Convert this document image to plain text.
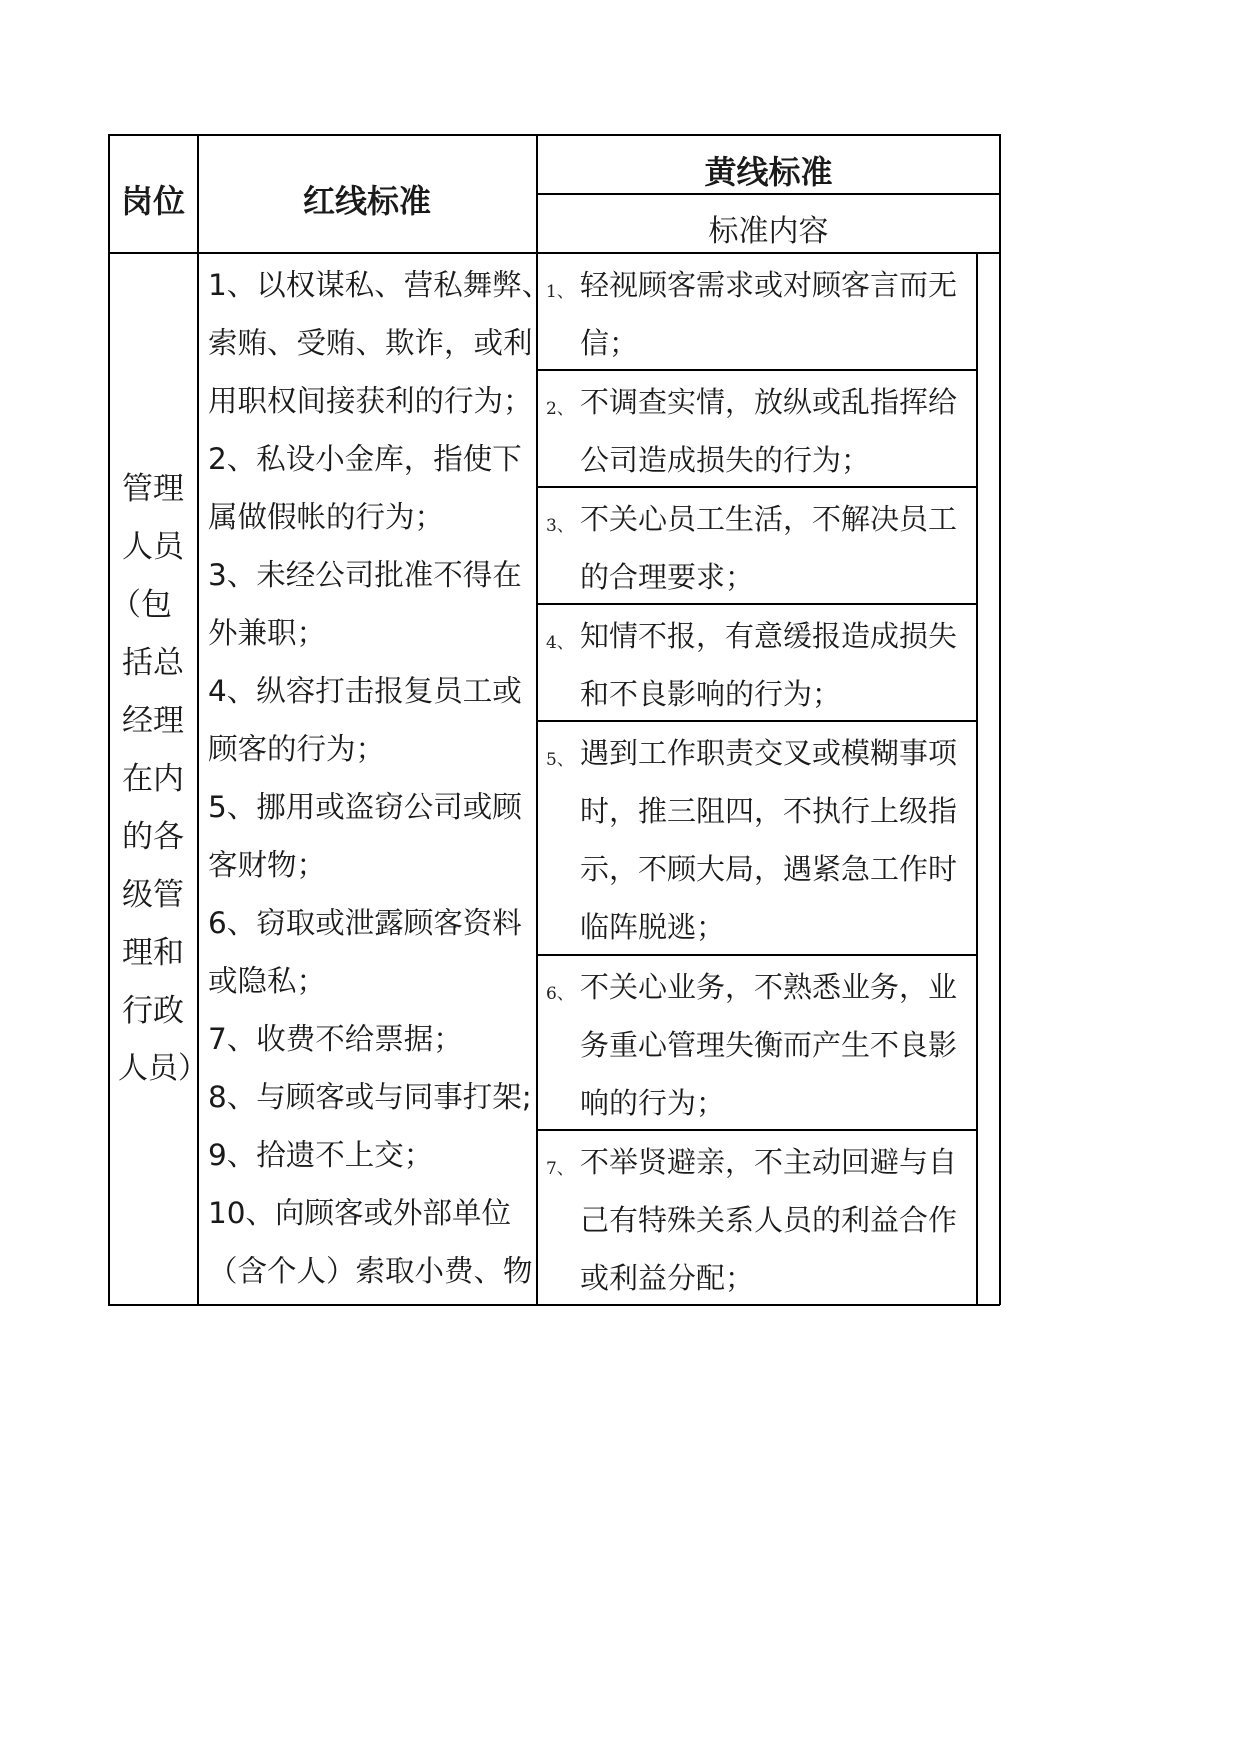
岗位	红线标准
黄线标准
标准内容
管理
人员
（包
括总
经理
在内
的各
级管
理和
行政
人员）
1、以权谋私、营私舞弊、
索贿、受贿、欺诈，或利
用职权间接获利的行为；
2、私设小金库，指使下
属做假帐的行为；
3、未经公司批准不得在
外兼职；
4、纵容打击报复员工或
顾客的行为；
5、挪用或盗窃公司或顾
客财物；
6、窃取或泄露顾客资料
或隐私；
7、收费不给票据；
8、与顾客或与同事打架;
9、拾遗不上交；
10、向顾客或外部单位
（含个人）索取小费、物
1、 轻视顾客需求或对顾客言而无
信；
2、 不调查实情，放纵或乱指挥给
公司造成损失的行为；
3、 不关心员工生活，不解决员工
的合理要求；
4、 知情不报，有意缓报造成损失
和不良影响的行为；
5、 遇到工作职责交叉或模糊事项
时，推三阻四，不执行上级指
示，不顾大局，遇紧急工作时
临阵脱逃；
6、 不关心业务，不熟悉业务，业
务重心管理失衡而产生不良影
响的行为；
7、 不举贤避亲，不主动回避与自
己有特殊关系人员的利益合作
或利益分配；
